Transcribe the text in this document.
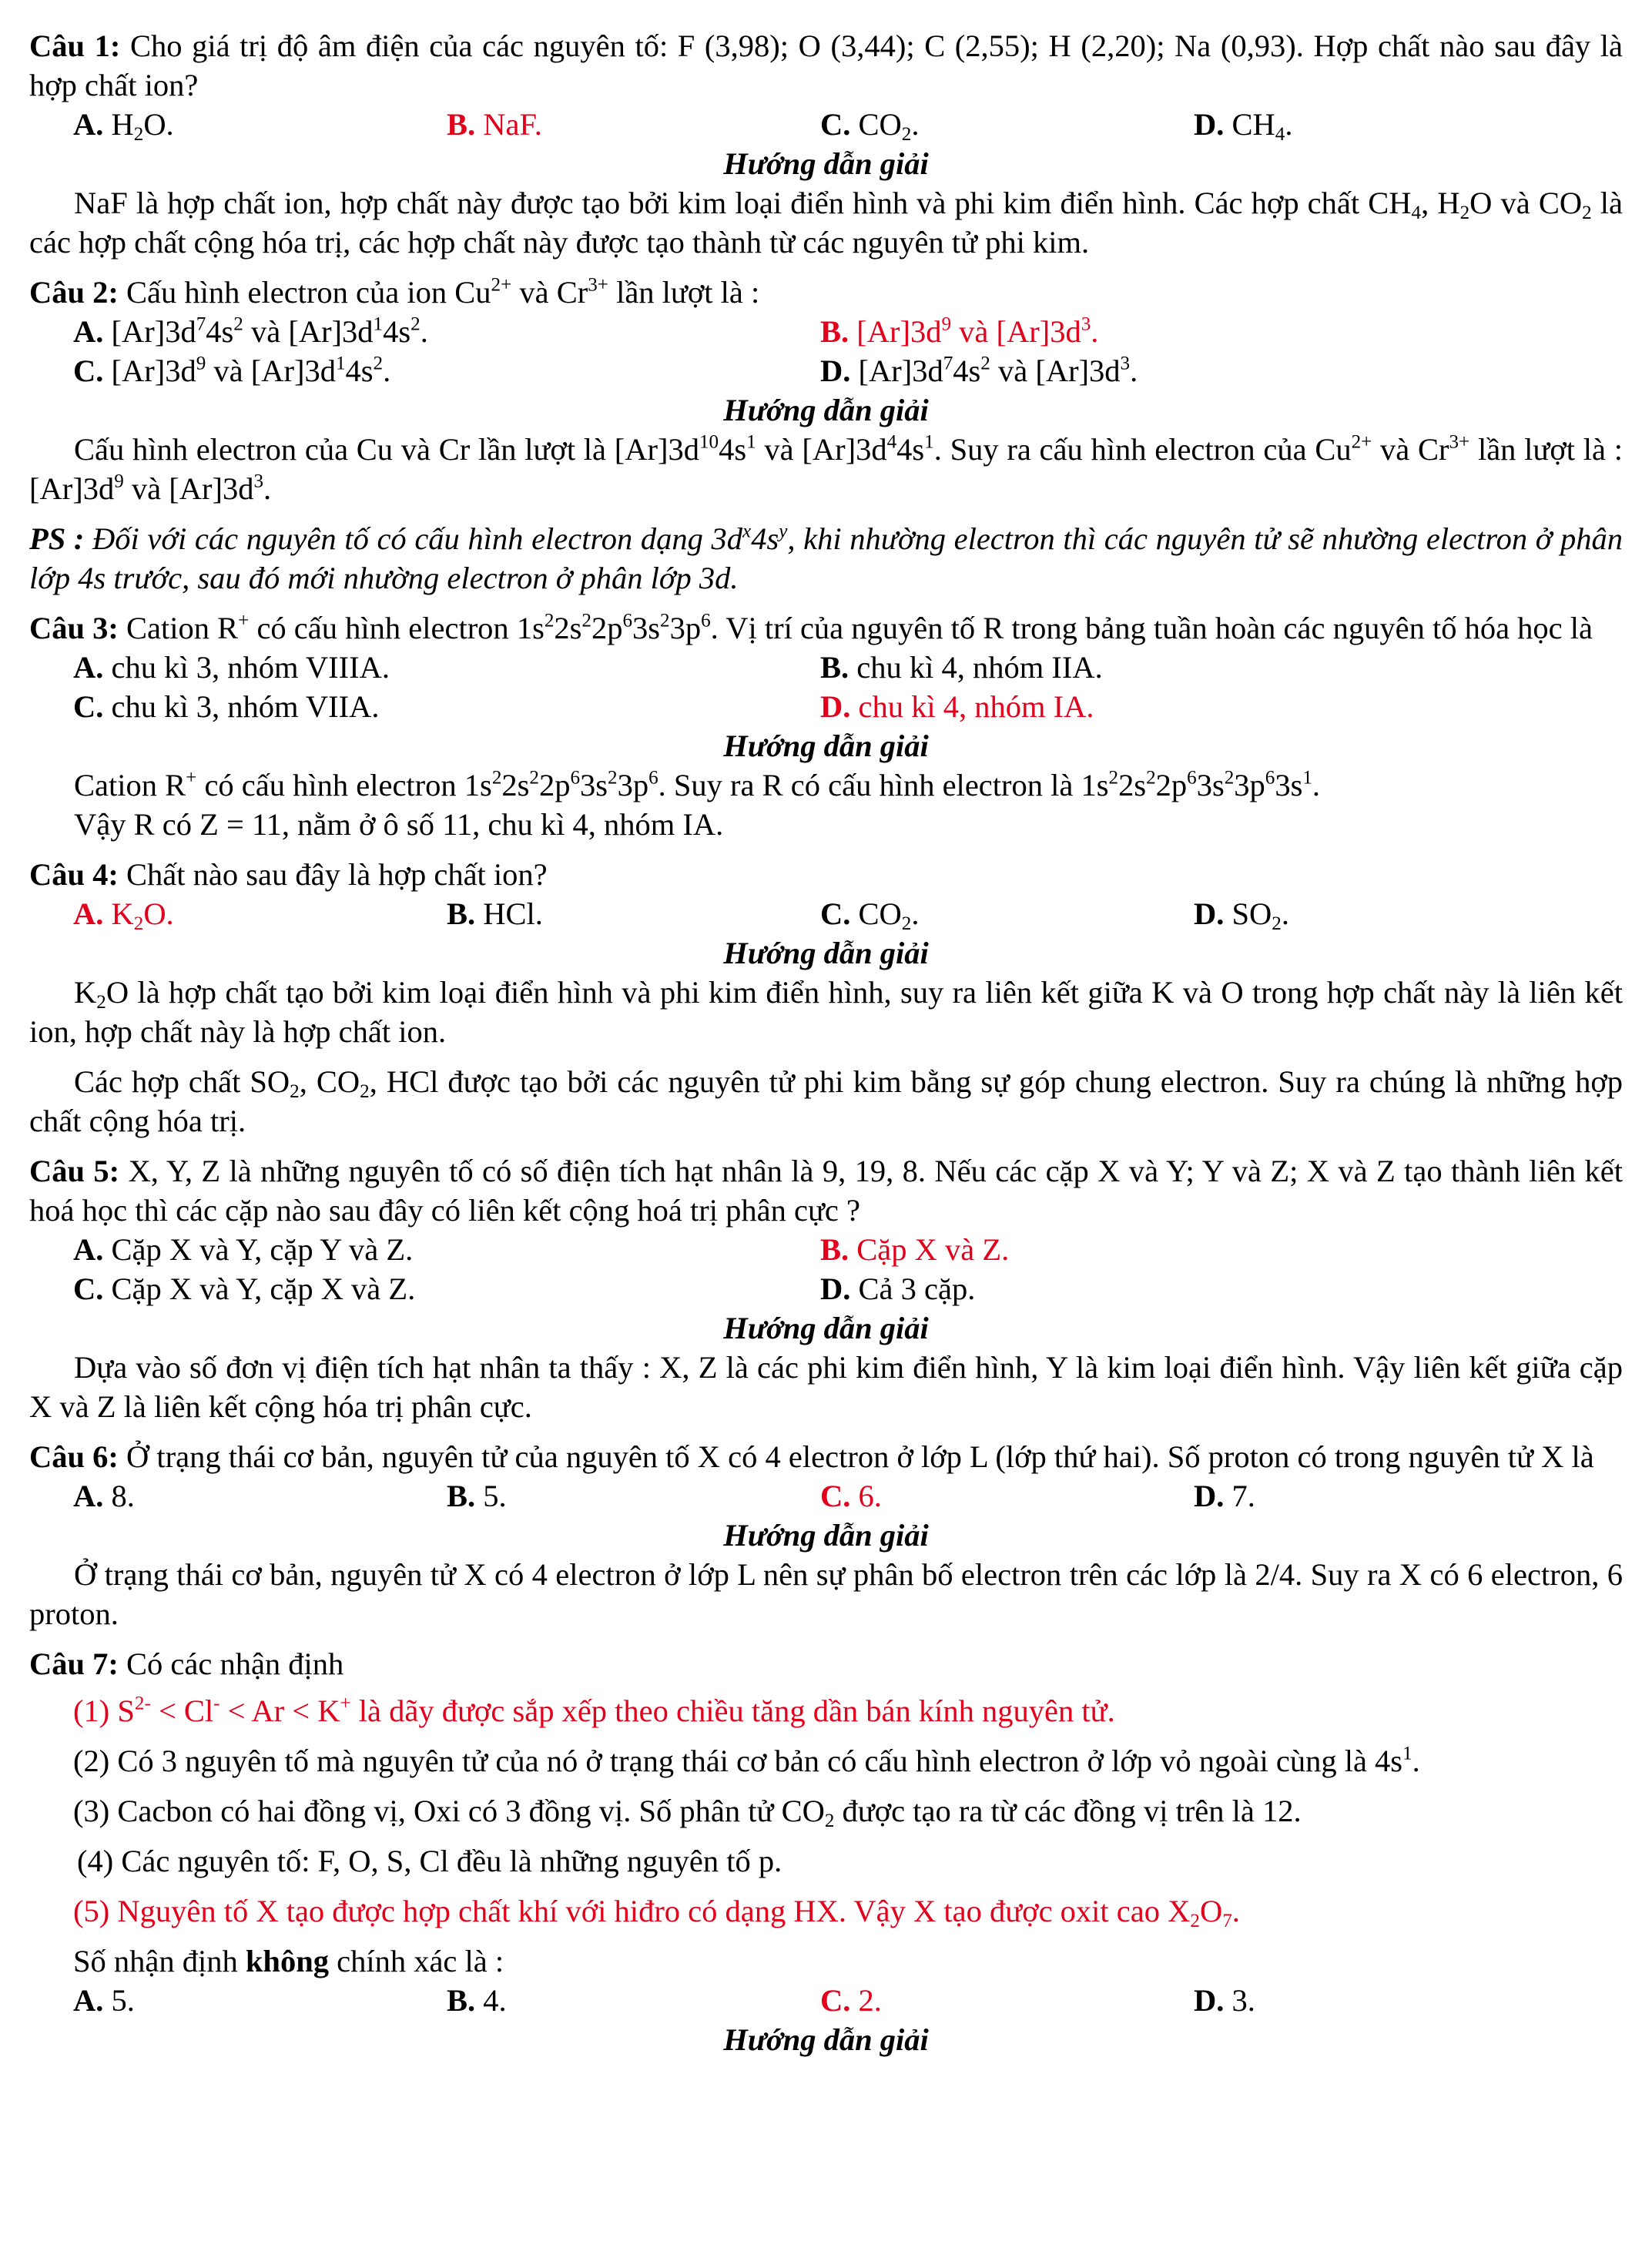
Câu 1: Cho giá trị độ âm điện của các nguyên tố: F (3,98); O (3,44); C (2,55); H (2,20); Na (0,93). Hợp chất nào sau đây là hợp chất ion?

A. $H_2O$.	B. NaF.	C. $CO_2$.	D. $CH_4$.

Hướng dẫn giải

NaF là hợp chất ion, hợp chất này được tạo bởi kim loại điển hình và phi kim điển hình. Các hợp chất $CH_4$, $H_2O$ và $CO_2$ là các hợp chất cộng hóa trị, các hợp chất này được tạo thành từ các nguyên tử phi kim.

Câu 2: Cấu hình electron của ion $Cu^{2+}$ và $Cr^{3+}$ lần lượt là :

A. $[Ar]3d^74s^2$ và $[Ar]3d^14s^2$.	B. $[Ar]3d^9$ và $[Ar]3d^3$.
C. $[Ar]3d^9$ và $[Ar]3d^14s^2$.	D. $[Ar]3d^74s^2$ và $[Ar]3d^3$.

Hướng dẫn giải

Cấu hình electron của Cu và Cr lần lượt là $[Ar]3d^{10}4s^1$ và $[Ar]3d^44s^1$. Suy ra cấu hình electron của $Cu^{2+}$ và $Cr^{3+}$ lần lượt là : $[Ar]3d^9$ và $[Ar]3d^3$.

PS : Đối với các nguyên tố có cấu hình electron dạng $3d^x4s^y$, khi nhường electron thì các nguyên tử sẽ nhường electron ở phân lớp 4s trước, sau đó mới nhường electron ở phân lớp 3d.

Câu 3: Cation R+ có cấu hình electron $1s^22s^22p^63s^23p^6$. Vị trí của nguyên tố R trong bảng tuần hoàn các nguyên tố hóa học là

A. chu kì 3, nhóm VIIIA.	B. chu kì 4, nhóm IIA.
C. chu kì 3, nhóm VIIA.	D. chu kì 4, nhóm IA.

Hướng dẫn giải

Cation R+ có cấu hình electron $1s^22s^22p^63s^23p^6$. Suy ra R có cấu hình electron là $1s^22s^22p^63s^23p^63s^1$.

Vậy R có Z = 11, nằm ở ô số 11, chu kì 4, nhóm IA.

Câu 4: Chất nào sau đây là hợp chất ion?

A. $K_2O$.	B. HCl.	C. $CO_2$.	D. $SO_2$.

Hướng dẫn giải

$K_2O$ là hợp chất tạo bởi kim loại điển hình và phi kim điển hình, suy ra liên kết giữa K và O trong hợp chất này là liên kết ion, hợp chất này là hợp chất ion.

Các hợp chất $SO_2$, $CO_2$, HCl được tạo bởi các nguyên tử phi kim bằng sự góp chung electron. Suy ra chúng là những hợp chất cộng hóa trị.

Câu 5: X, Y, Z là những nguyên tố có số điện tích hạt nhân là 9, 19, 8. Nếu các cặp X và Y; Y và Z; X và Z tạo thành liên kết hoá học thì các cặp nào sau đây có liên kết cộng hoá trị phân cực ?

A. Cặp X và Y, cặp Y và Z.	B. Cặp X và Z.
C. Cặp X và Y, cặp X và Z.	D. Cả 3 cặp.

Hướng dẫn giải

Dựa vào số đơn vị điện tích hạt nhân ta thấy : X, Z là các phi kim điển hình, Y là kim loại điển hình. Vậy liên kết giữa cặp X và Z là liên kết cộng hóa trị phân cực.

Câu 6: Ở trạng thái cơ bản, nguyên tử của nguyên tố X có 4 electron ở lớp L (lớp thứ hai). Số proton có trong nguyên tử X là

A. 8.	B. 5.	C. 6.	D. 7.

Hướng dẫn giải

Ở trạng thái cơ bản, nguyên tử X có 4 electron ở lớp L nên sự phân bố electron trên các lớp là 2/4. Suy ra X có 6 electron, 6 proton.

Câu 7: Có các nhận định

(1) $S^{2-} < Cl^- < Ar < K^+$ là dãy được sắp xếp theo chiều tăng dần bán kính nguyên tử.

(2) Có 3 nguyên tố mà nguyên tử của nó ở trạng thái cơ bản có cấu hình electron ở lớp vỏ ngoài cùng là $4s^1$.

(3) Cacbon có hai đồng vị, Oxi có 3 đồng vị. Số phân tử $CO_2$ được tạo ra từ các đồng vị trên là 12.

(4) Các nguyên tố: F, O, S, Cl đều là những nguyên tố p.

(5) Nguyên tố X tạo được hợp chất khí với hiđro có dạng HX. Vậy X tạo được oxit cao $X_2O_7$.

Số nhận định không chính xác là :

A. 5.	B. 4.	C. 2.	D. 3.

Hướng dẫn giải
